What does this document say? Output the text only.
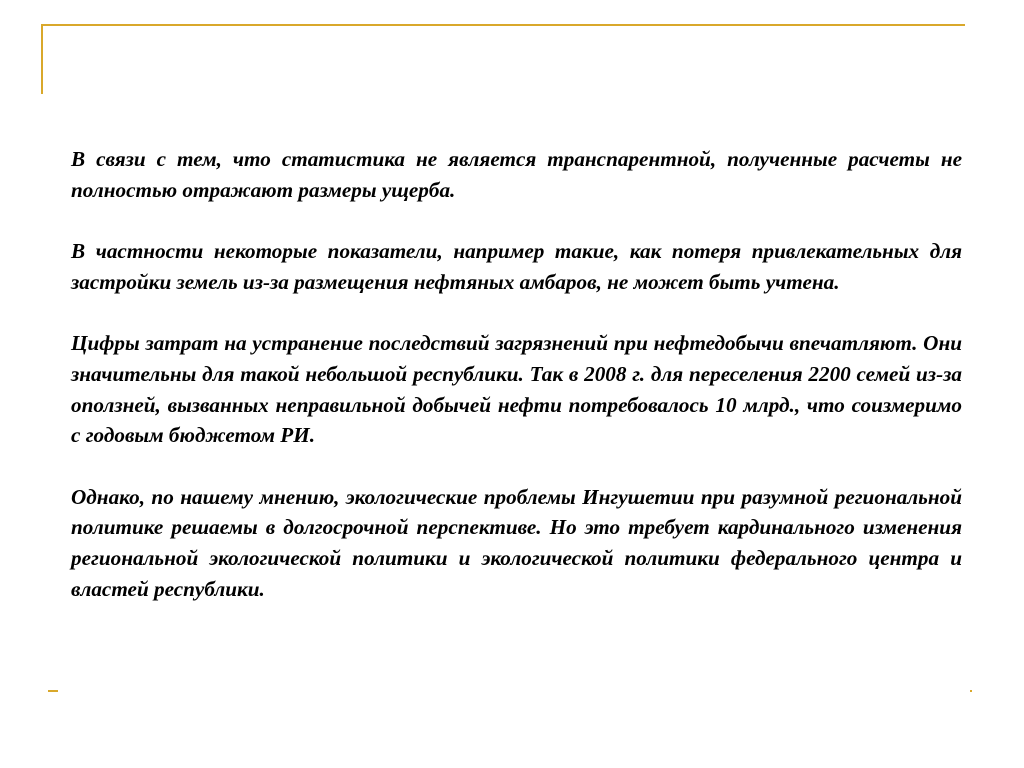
В связи с тем, что статистика не является транспарентной, полученные расчеты не полностью отражают размеры ущерба.

В частности некоторые показатели, например такие, как потеря привлекательных для застройки земель из-за размещения нефтяных амбаров, не может быть учтена.

Цифры затрат на устранение последствий загрязнений при нефтедобычи впечатляют. Они значительны для такой небольшой республики. Так в 2008 г. для переселения 2200 семей из-за оползней, вызванных неправильной добычей нефти потребовалось 10 млрд., что соизмеримо с годовым бюджетом РИ.

Однако, по нашему мнению, экологические проблемы Ингушетии при разумной региональной политике решаемы в долгосрочной перспективе. Но это требует кардинального изменения региональной экологической политики и экологической политики федерального центра и властей республики.
